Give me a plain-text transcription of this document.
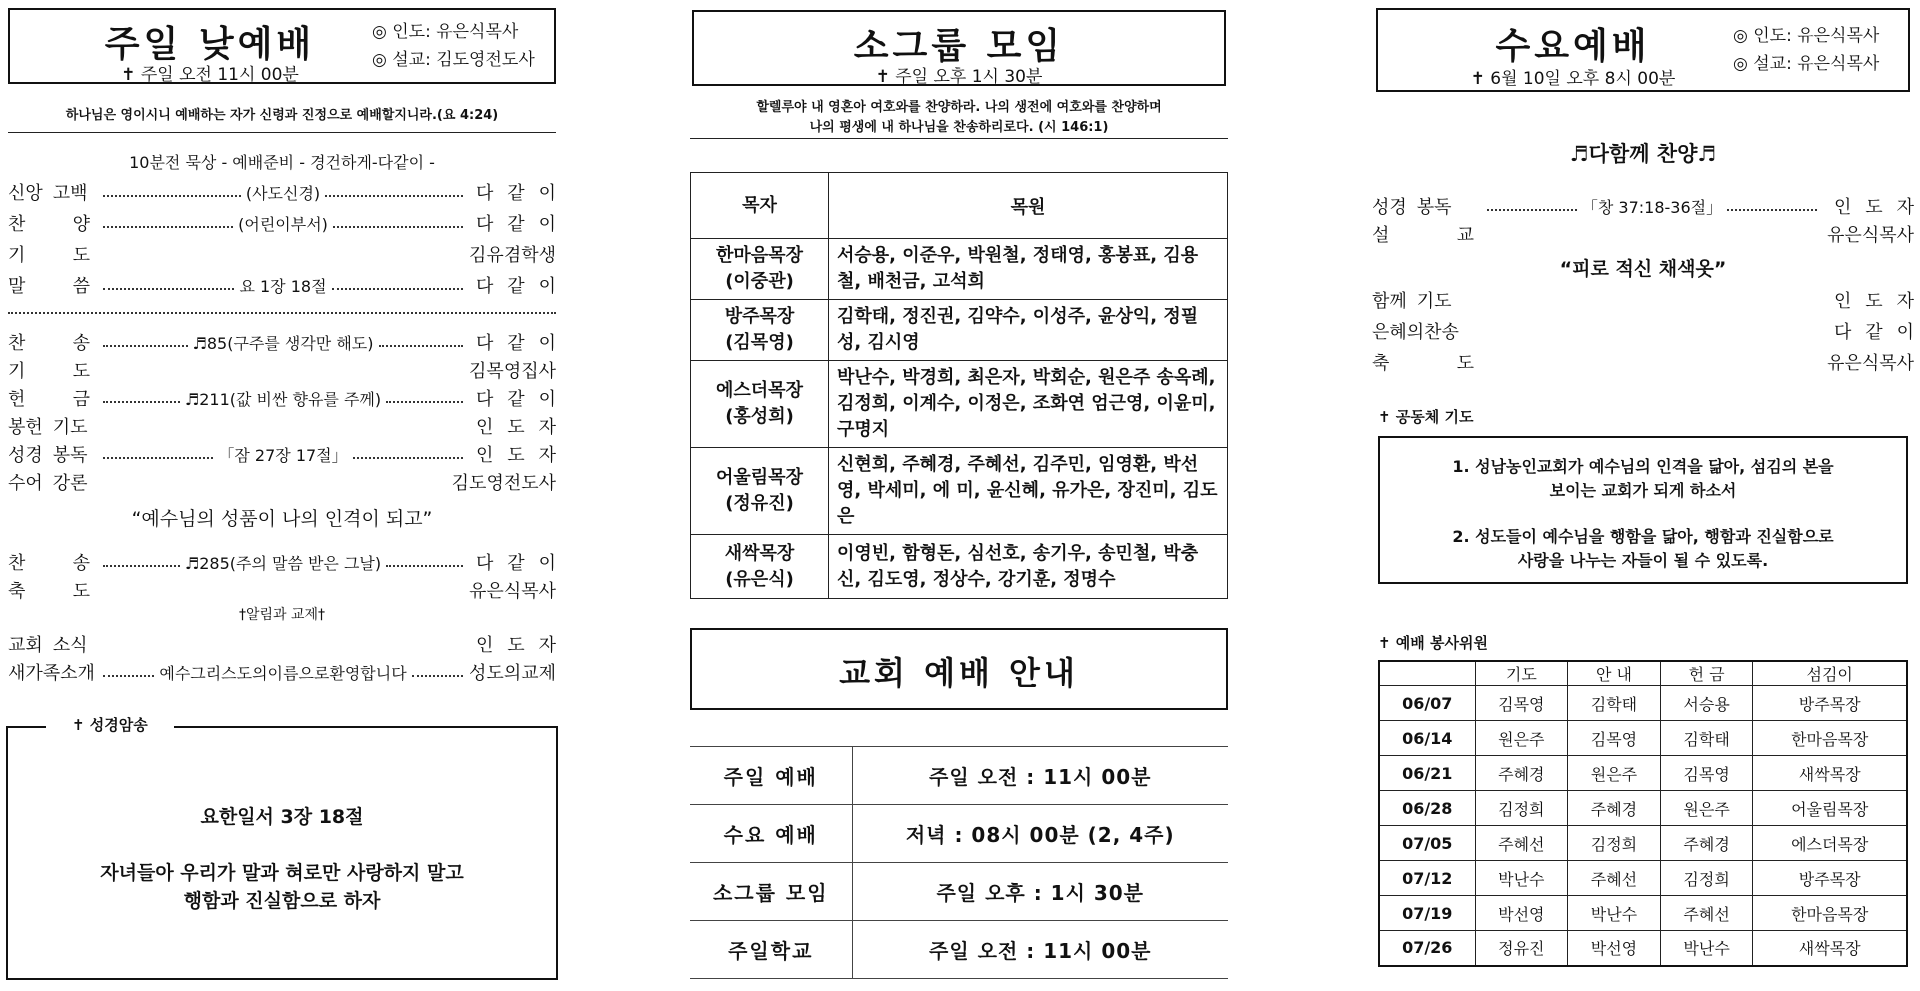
주일 낮예배
✝ 주일 오전 11시 00분
◎ 인도: 유은식목사
◎ 설교: 김도영전도사
하나님은 영이시니 예배하는 자가 신령과 진정으로 예배할지니라.(요 4:24)
10분전 묵상 - 예배준비 - 경건하게-다같이 -
신앙 고백	(사도신경)	다 같 이
찬	양	(어린이부서)	다 같 이
기	도	김유겸학생
말	씀	요 1장 18절	다 같 이
찬	송	♬85(구주를 생각만 해도)	다 같 이
기	도	김목영집사
헌	금	♬211(값 비싼 향유를 주께)	다 같 이
봉헌 기도	인 도 자
성경 봉독	「잠 27장 17절」	인 도 자
수어 강론	김도영전도사
“예수님의 성품이 나의 인격이 되고”
찬	송	♬285(주의 말씀 받은 그날)	다 같 이
축	도	유은식목사
†알림과 교제†
교회 소식	인 도 자
새가족소개	예수그리스도의이름으로환영합니다	성도의교제
✝ 성경암송
요한일서 3장 18절
자녀들아 우리가 말과 혀로만 사랑하지 말고
행함과 진실함으로 하자
소그룹 모임
✝ 주일 오후 1시 30분
할렐루야 내 영혼아 여호와를 찬양하라. 나의 생전에 여호와를 찬양하며
나의 평생에 내 하나님을 찬송하리로다. (시 146:1)
목자	목원

한마음목장
(이중관)	서승용, 이준우, 박원철, 정태영, 홍봉표, 김용철, 배천금, 고석희

방주목장
(김목영)	김학태, 정진권, 김약수, 이성주, 윤상익, 정필성, 김시영

에스더목장
(홍성희)	박난수, 박경희, 최은자, 박회순, 원은주 송옥례, 김정희, 이계수, 이정은, 조화연 엄근영, 이윤미, 구명지

어울림목장
(정유진)	신현희, 주혜경, 주혜선, 김주민, 임영환, 박선영, 박세미, 에 미, 윤신혜, 유가은, 장진미, 김도은

새싹목장
(유은식)	이영빈, 함형돈, 심선호, 송기우, 송민철, 박충신, 김도영, 정상수, 강기훈, 정명수
교회 예배 안내
주일 예배	주일 오전 : 11시 00분
수요 예배	저녁 : 08시 00분 (2, 4주)
소그룹 모임	주일 오후 : 1시 30분
주일학교	주일 오전 : 11시 00분
수요예배
✝ 6월 10일 오후 8시 00분
◎ 인도: 유은식목사
◎ 설교: 유은식목사
♬다함께 찬양♬
성경 봉독	「창 37:18-36절」	인 도 자
설	교	유은식목사
“피로 적신 채색옷”
함께 기도	인 도 자
은혜의찬송	다 같 이
축	도	유은식목사
✝ 공동체 기도
1. 성남농인교회가 예수님의 인격을 닮아, 섬김의 본을
보이는 교회가 되게 하소서
2. 성도들이 예수님을 행함을 닮아, 행함과 진실함으로
사랑을 나누는 자들이 될 수 있도록.
✝ 예배 봉사위원
	기도	안 내	헌 금	섬김이
06/07	김목영	김학태	서승용	방주목장
06/14	원은주	김목영	김학태	한마음목장
06/21	주혜경	원은주	김목영	새싹목장
06/28	김정희	주혜경	원은주	어울림목장
07/05	주혜선	김정희	주혜경	에스더목장
07/12	박난수	주혜선	김정희	방주목장
07/19	박선영	박난수	주혜선	한마음목장
07/26	정유진	박선영	박난수	새싹목장
